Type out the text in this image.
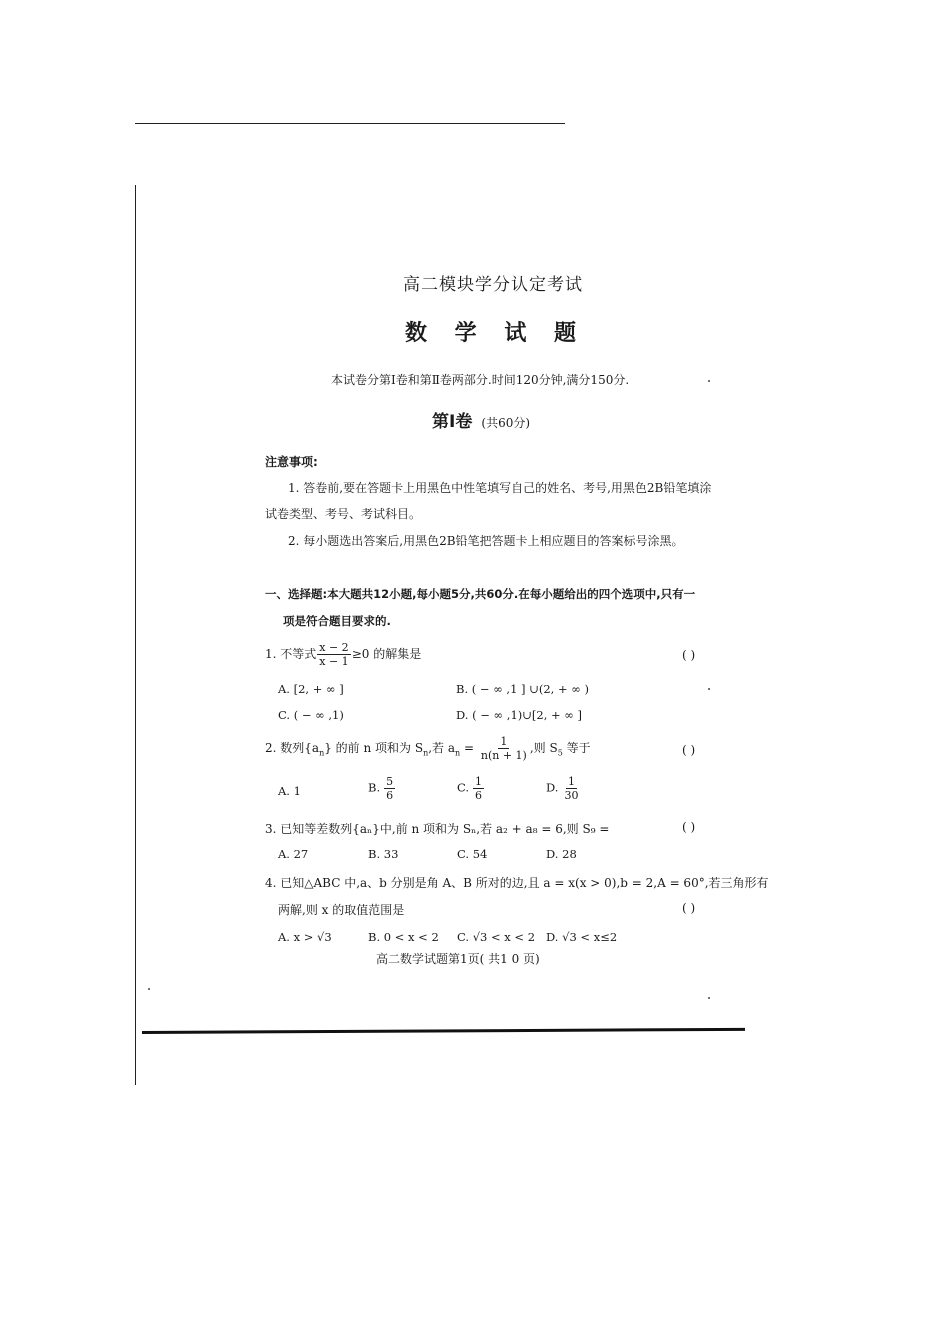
高二模块学分认定考试
数 学 试 题
本试卷分第Ⅰ卷和第Ⅱ卷两部分.时间120分钟,满分150分.
第Ⅰ卷 (共60分)
注意事项:
1. 答卷前,要在答题卡上用黑色中性笔填写自己的姓名、考号,用黑色2B铅笔填涂
试卷类型、考号、考试科目。
2. 每小题选出答案后,用黑色2B铅笔把答题卡上相应题目的答案标号涂黑。
一、选择题:本大题共12小题,每小题5分,共60分.在每小题给出的四个选项中,只有一
项是符合题目要求的.
1. 不等式 $\frac{x - 2}{x - 1} \ge 0$ 的解集是	( )
A. [2, + ∞ ]	B. ( − ∞ ,1 ] ∪(2, + ∞ )
C. ( − ∞ ,1)	D. ( − ∞ ,1)∪[2, + ∞ ]
2. 数列$\{a_n\}$ 的前 n 项和为 $S_n$,若 $a_n = \frac{1}{n(n + 1)}$ ,则 $S_5$ 等于	( )
A. 1	B. $\frac{5}{6}$	C. $\frac{1}{6}$	D. $\frac{1}{30}$
3. 已知等差数列{aₙ}中,前 n 项和为 Sₙ,若 a₂ + a₈ = 6,则 S₉ =	( )
A. 27	B. 33	C. 54	D. 28
4. 已知△ABC 中,a、b 分别是角 A、B 所对的边,且 a = x(x > 0),b = 2,A = 60°,若三角形有
两解,则 x 的取值范围是	( )
A. x > √3	B. 0 < x < 2 C. √3 < x < 2 D. √3 < x≤2
高二数学试题第1页( 共1 0 页)
